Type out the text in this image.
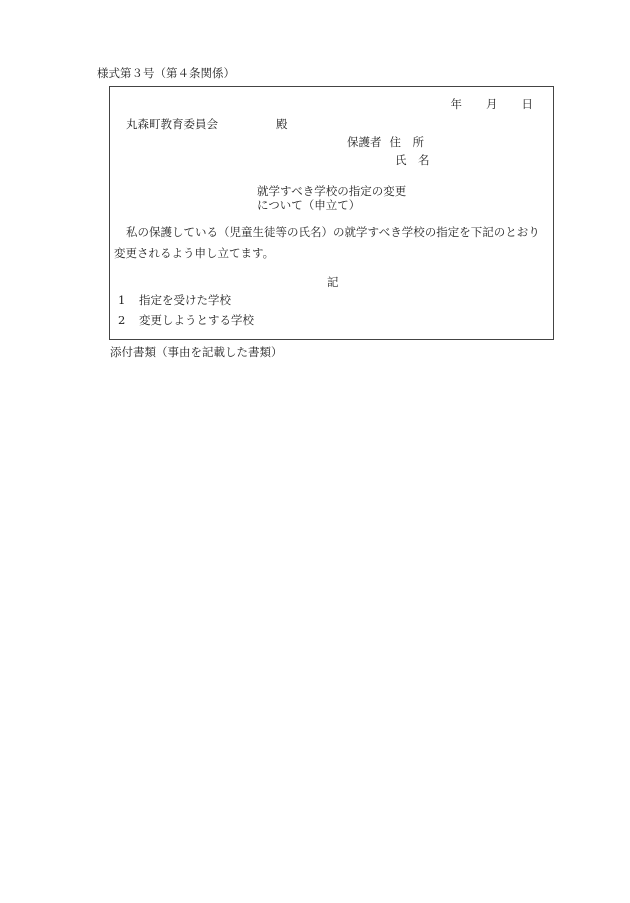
様式第３号（第４条関係）
年 月 日
丸森町教育委員会	殿
保護者 住　所
氏　名
就学すべき学校の指定の変更
について（申立て）
私の保護している（児童生徒等の氏名）の就学すべき学校の指定を下記のとおり変更されるよう申し立てます。
記
1 指定を受けた学校
2 変更しようとする学校
添付書類（事由を記載した書類）
